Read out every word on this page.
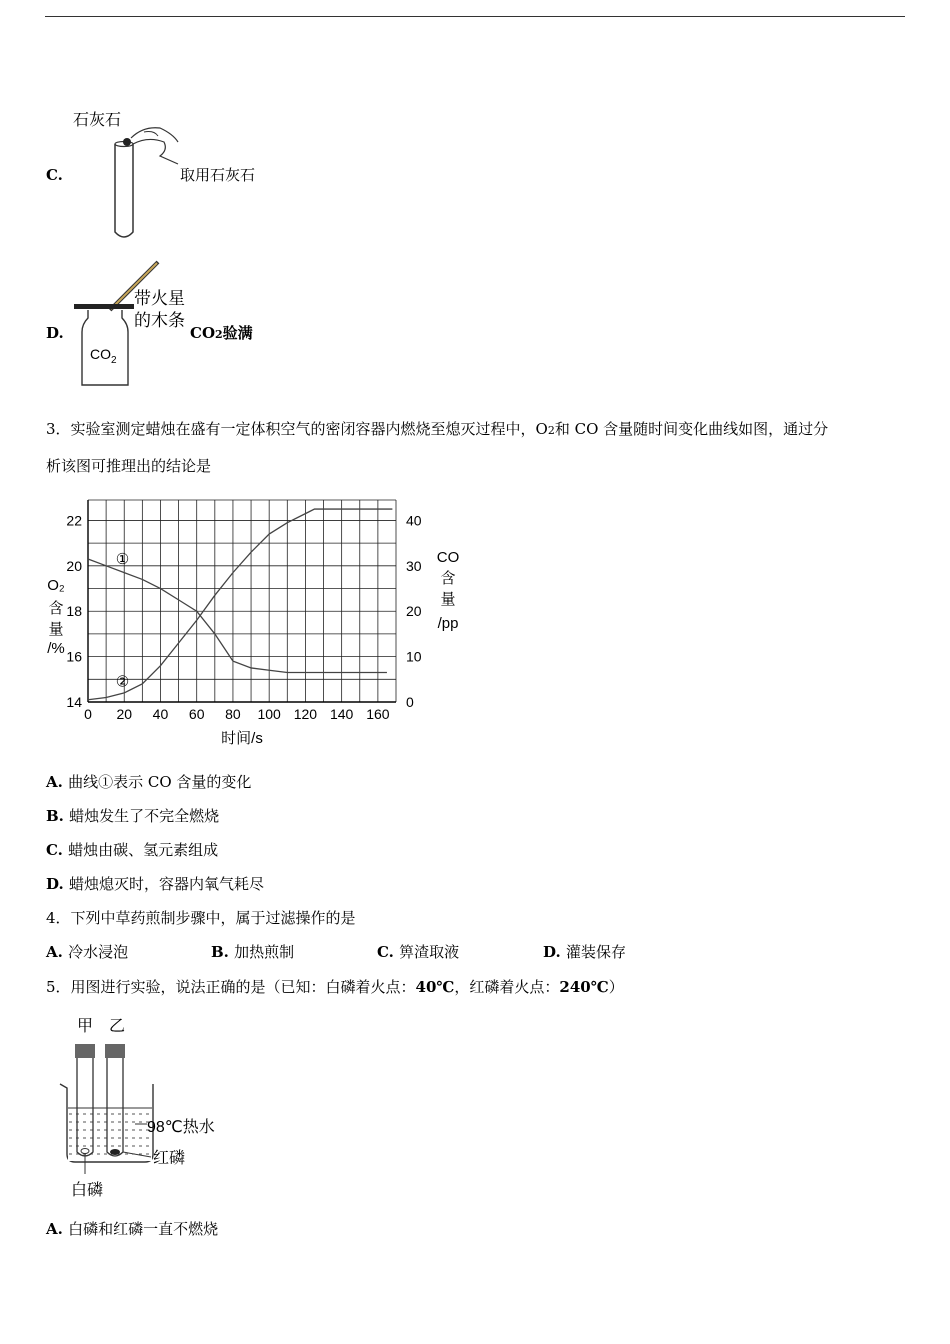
石灰石
C.	取用石灰石
$CO_2$
带火星
的木条
D.	CO2验满
3．实验室测定蜡烛在盛有一定体积空气的密闭容器内燃烧至熄灭过程中，O2和 CO 含量随时间变化曲线如图，通过分
析该图可推理出的结论是
0 20 40 60 80 100 120 140 160
14
16
18
20
22
0
10
20
30
40
时间/s
O₂
含
量
/%
CO
含
量
/pp
①
②
A. 曲线①表示 CO 含量的变化
B. 蜡烛发生了不完全燃烧
C. 蜡烛由碳、氢元素组成
D. 蜡烛熄灭时，容器内氧气耗尽
4．下列中草药煎制步骤中，属于过滤操作的是
A. 冷水浸泡	B. 加热煎制	C. 箅渣取液	D. 灌装保存
5．用图进行实验，说法正确的是（已知：白磷着火点：40℃，红磷着火点：240℃）
甲 乙
98℃热水
红磷
白磷
A. 白磷和红磷一直不燃烧
